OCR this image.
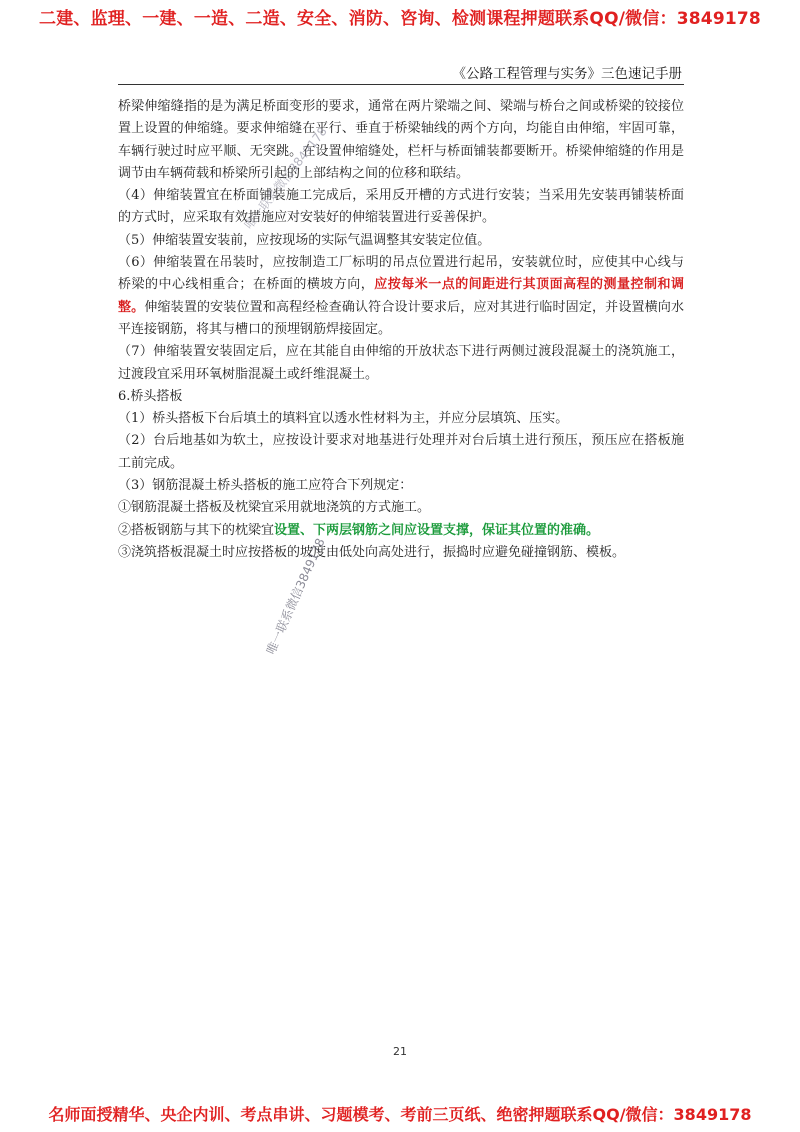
二建、监理、一建、一造、二造、安全、消防、咨询、检测课程押题联系QQ/微信：3849178
《公路工程管理与实务》三色速记手册

桥梁伸缩缝指的是为满足桥面变形的要求，通常在两片梁端之间、梁端与桥台之间或桥梁的铰接位置上设置的伸缩缝。要求伸缩缝在平行、垂直于桥梁轴线的两个方向，均能自由伸缩，牢固可靠，车辆行驶过时应平顺、无突跳。在设置伸缩缝处，栏杆与桥面铺装都要断开。桥梁伸缩缝的作用是调节由车辆荷载和桥梁所引起的上部结构之间的位移和联结。

（4）伸缩装置宜在桥面铺装施工完成后，采用反开槽的方式进行安装；当采用先安装再铺装桥面的方式时，应采取有效措施应对安装好的伸缩装置进行妥善保护。

（5）伸缩装置安装前，应按现场的实际气温调整其安装定位值。

（6）伸缩装置在吊装时，应按制造工厂标明的吊点位置进行起吊，安装就位时，应使其中心线与桥梁的中心线相重合；在桥面的横坡方向，应按每米一点的间距进行其顶面高程的测量控制和调整。伸缩装置的安装位置和高程经检查确认符合设计要求后，应对其进行临时固定，并设置横向水平连接钢筋，将其与槽口的预埋钢筋焊接固定。

（7）伸缩装置安装固定后，应在其能自由伸缩的开放状态下进行两侧过渡段混凝土的浇筑施工，过渡段宜采用环氧树脂混凝土或纤维混凝土。

6.桥头搭板

（1）桥头搭板下台后填土的填料宜以透水性材料为主，并应分层填筑、压实。

（2）台后地基如为软土，应按设计要求对地基进行处理并对台后填土进行预压，预压应在搭板施工前完成。

（3）钢筋混凝土桥头搭板的施工应符合下列规定：

①钢筋混凝土搭板及枕梁宜采用就地浇筑的方式施工。

②搭板钢筋与其下的枕梁宜设置、下两层钢筋之间应设置支撑，保证其位置的准确。

③浇筑搭板混凝土时应按搭板的坡度由低处向高处进行，振捣时应避免碰撞钢筋、模板。

唯一联系微信3849178
唯一联系微信3849178
21
名师面授精华、央企内训、考点串讲、习题模考、考前三页纸、绝密押题联系QQ/微信：3849178
